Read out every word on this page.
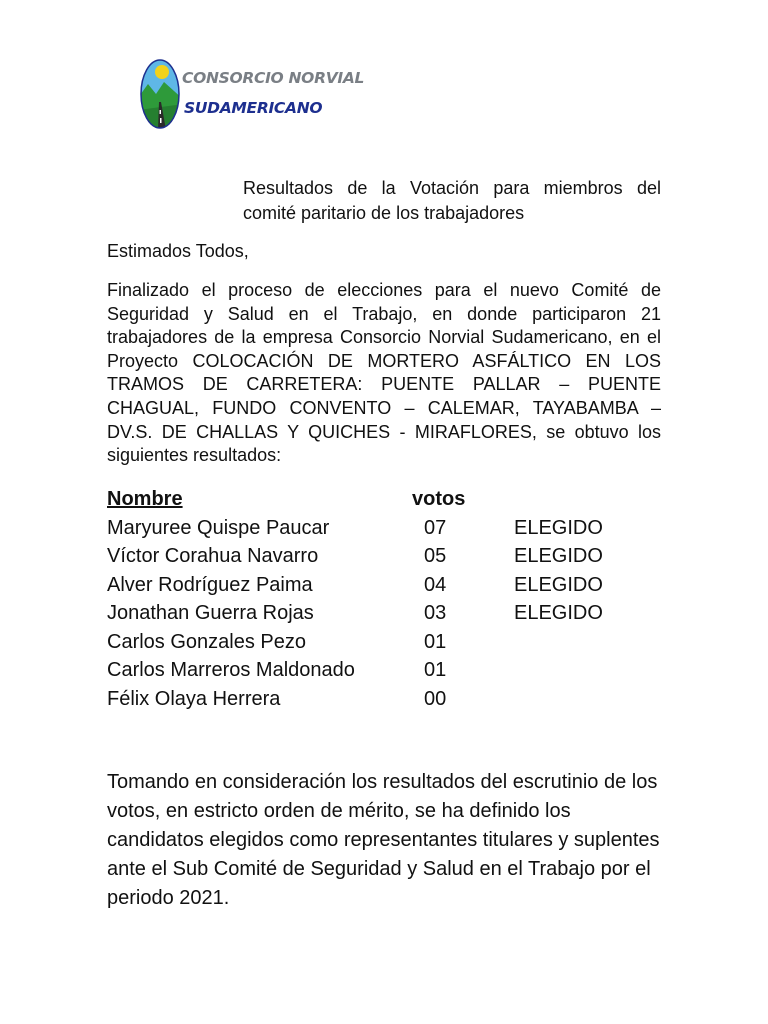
CONSORCIO NORVIAL
SUDAMERICANO
Resultados de la Votación para miembros del comité paritario de los trabajadores
Estimados Todos,
Finalizado el proceso de elecciones para el nuevo Comité de Seguridad y Salud en el Trabajo, en donde participaron 21 trabajadores de la empresa Consorcio Norvial Sudamericano, en el Proyecto COLOCACIÓN DE MORTERO ASFÁLTICO EN LOS TRAMOS DE CARRETERA: PUENTE PALLAR – PUENTE CHAGUAL, FUNDO CONVENTO – CALEMAR, TAYABAMBA – DV.S. DE CHALLAS Y QUICHES - MIRAFLORES, se obtuvo los siguientes resultados:
Nombre	votos
Maryuree Quispe Paucar	07	ELEGIDO
Víctor Corahua Navarro	05	ELEGIDO
Alver Rodríguez Paima	04	ELEGIDO
Jonathan Guerra Rojas	03	ELEGIDO
Carlos Gonzales Pezo	01
Carlos Marreros Maldonado	01
Félix Olaya Herrera	00
Tomando en consideración los resultados del escrutinio de los votos, en estricto orden de mérito, se ha definido los candidatos elegidos como representantes titulares y suplentes ante el Sub Comité de Seguridad y Salud en el Trabajo por el periodo 2021.
